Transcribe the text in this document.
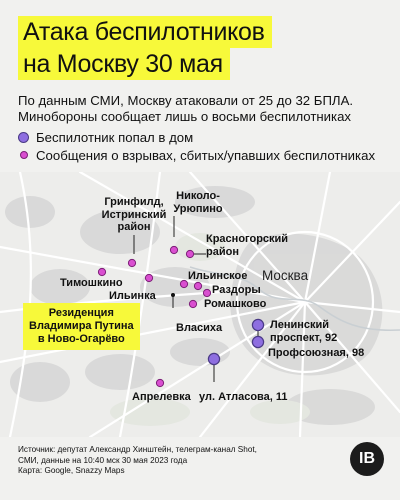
Атака беспилотников
на Москву 30 мая
По данным СМИ, Москву атаковали от 25 до 32 БПЛА.
Минобороны сообщает лишь о восьми беспилотниках
Беспилотник попал в дом
Сообщения о взрывах, сбитых/упавших беспилотниках
Гринфилд,
Истринский
район
Николо-
Урюпино
Красногорский
район
Тимошкино
Ильинка
Ильинское
Раздоры
Ромашково
Власиха
Москва
Ленинский
проспект, 92
Профсоюзная, 98
Апрелевка ул. Атласова, 11
Резиденция
Владимира Путина
в Ново-Огарёво
Источник: депутат Александр Хинштейн, телеграм-канал Shot,
СМИ, данные на 10:40 мск 30 мая 2023 года
Карта: Google, Snazzy Maps
IB
